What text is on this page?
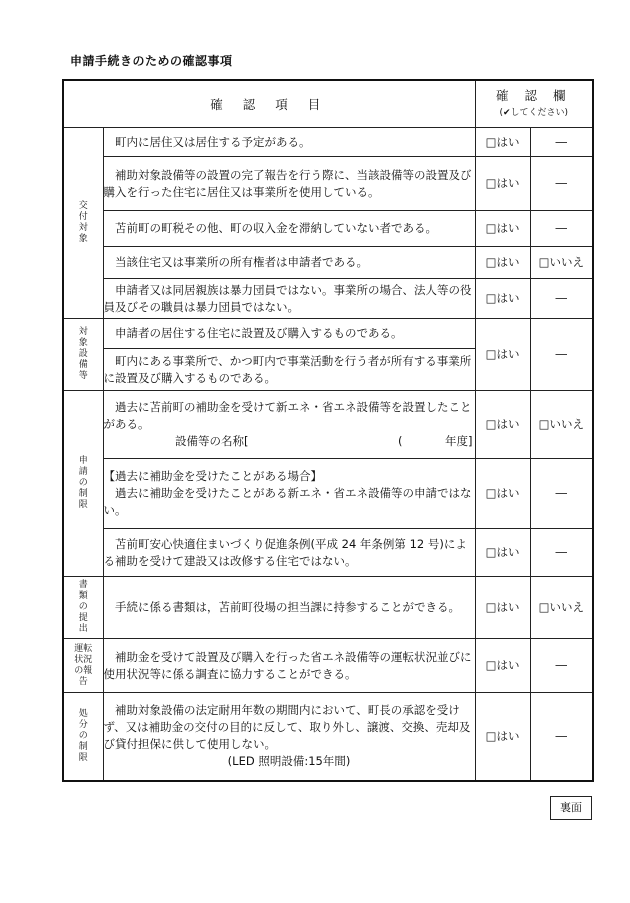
申請手続きのための確認事項
確 認 項 目		確 認 欄
(✔してください)	

交付対象	町内に居住又は居住する予定がある。	□はい	―

	補助対象設備等の設置の完了報告を行う際に、当該設備等の設置及び購入を行った住宅に居住又は事業所を使用している。	□はい	―

	苫前町の町税その他、町の収入金を滞納していない者である。	□はい	―

	当該住宅又は事業所の所有権者は申請者である。	□はい	□いいえ

	申請者又は同居親族は暴力団員ではない。事業所の場合、法人等の役員及びその職員は暴力団員ではない。	□はい	―
対象設備等	申請者の居住する住宅に設置及び購入するものである。	□はい	―

	町内にある事業所で、かつ町内で事業活動を行う者が所有する事業所に設置及び購入するものである。		

申請の制限	過去に苫前町の補助金を受けて新エネ・省エネ設備等を設置したことがある。
設備等の名称[ ( 年度]	□はい	□いいえ

	【過去に補助金を受けたことがある場合】
過去に補助金を受けたことがある新エネ・省エネ設備等の申請ではない。	□はい	―

	苫前町安心快適住まいづくり促進条例(平成 24 年条例第 12 号)による補助を受けて建設又は改修する住宅ではない。	□はい	―
書類の提出	手続に係る書類は，苫前町役場の担当課に持参することができる。	□はい	□いいえ
運転状況の報告	補助金を受けて設置及び購入を行った省エネ設備等の運転状況並びに使用状況等に係る調査に協力することができる。	□はい	―
処分の制限	補助対象設備の法定耐用年数の期間内において、町長の承認を受けず、又は補助金の交付の目的に反して、取り外し、譲渡、交換、売却及び貸付担保に供して使用しない。
(LED 照明設備:15年間)	□はい	―
裏面
